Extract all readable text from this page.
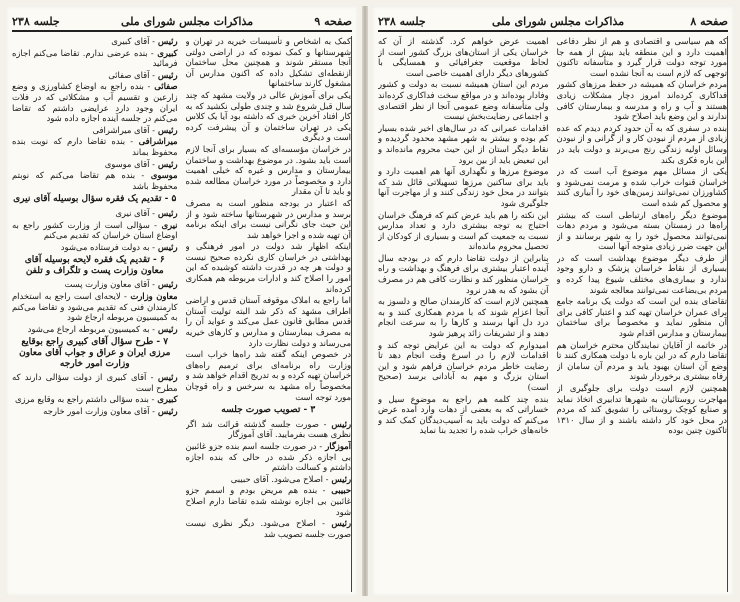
صفحه ۹
مذاکرات مجلس شورای ملی
جلسه ۲۳۸

کمک به اشخاص و تأسیسات خیریه در تهران و شهرستانها و کمک نموده که در اراضی دولتی آنجا مستقر شوند و همچنین محل ساختمان ازنقطه‌ای تشکیل داده که اکنون مدارس آن مشغول کارند ساختمانها

یکی برای آموزش عالی در ولایت مشهد که چند سال قبل شروع شد و چندی طولی نکشید که به کار افتاد آخرین خبری که داشته بود آیا یک کلاس یکی در تهران ساختمان و آن پیشرفت کرده است و دیگری

در خراسان مؤسسه‌ای که بسیار برای آنجا لازم است باید بشود. در موضوع بهداشت و ساختمان بیمارستان و مدارس و غیره که خیلی اهمیت دارد و مخصوصاً در مورد خراسان مطالعه شده و باید تا آن مقدار

که اعتبار در بودجه منظور است به مصرف برسد و مدارس در شهرستانها ساخته شود و از این حیث جای نگرانی نیست برای اینکه برنامه آن تهیه شده و اجرا خواهد شد

اینکه اظهار شد دولت در امور فرهنگی و بهداشتی در خراسان کاری نکرده صحیح نیست و دولت هر چه در قدرت داشته کوشیده که این امور را اصلاح کند و ادارات مربوطه هم همکاری کرده‌اند

اما راجع به املاک موقوفه آستان قدس و اراضی اطراف مشهد که ذکر شد البته تولیت آستان قدس مطابق قانون عمل می‌کند و عواید آن را به مصرف بیمارستان و مدارس و کارهای خیریه می‌رساند و دولت نظارت دارد

در خصوص اینکه گفته شد راه‌ها خراب است وزارت راه برنامه‌ای برای ترمیم راه‌های خراسان تهیه کرده و به تدریج اقدام خواهد شد و مخصوصاً راه مشهد به سرخس و راه قوچان مورد توجه است

۳ - تصویب صورت جلسه

رئیس - صورت جلسه گذشته قرائت شد اگر نظری هست بفرمایید. آقای آموزگار

آموزگار - در صورت جلسه اسم بنده جزو غائبین بی اجازه ذکر شده در حالی که بنده اجازه داشتم و کسالت داشتم

رئیس - اصلاح می‌شود. آقای حبیبی

حبیبی - بنده هم مریض بودم و اسمم جزو غائبین بی اجازه نوشته شده تقاضا دارم اصلاح شود

رئیس - اصلاح می‌شود. دیگر نظری نیست صورت جلسه تصویب شد

رئیس - آقای کبیری

کبیری - بنده عرضی ندارم. تقاضا می‌کنم اجازه فرمائید

رئیس - آقای صفائی

صفائی - بنده راجع به اوضاع کشاورزی و وضع زارعین و تقسیم آب و مشکلاتی که در فلات ایران وجود دارد عرایضی داشتم که تقاضا می‌کنم در جلسه آینده اجازه داده شود

رئیس - آقای میراشرافی

میراشرافی - بنده تقاضا دارم که نوبت بنده محفوظ بماند

رئیس - آقای موسوی

موسوی - بنده هم تقاضا می‌کنم که نوبتم محفوظ باشد

۵ - تقدیم یک فقره سؤال بوسیله آقای نیری

رئیس - آقای نیری

نیری - سؤالی است از وزارت کشور راجع به اوضاع استان خراسان که تقدیم می‌کنم

رئیس - به دولت فرستاده می‌شود

۶ - تقدیم یک فقره لایحه بوسیله آقای معاون وزارت پست و تلگراف و تلفن

رئیس - آقای معاون وزارت پست

معاون وزارت - لایحه‌ای است راجع به استخدام کارمندان فنی که تقدیم می‌شود و تقاضا می‌کنم به کمیسیون مربوطه ارجاع شود

رئیس - به کمیسیون مربوطه ارجاع می‌شود

۷ - طرح سؤال آقای کبیری راجع بوقایع مرزی ایران و عراق و جواب آقای معاون وزارت امور خارجه

رئیس - آقای کبیری از دولت سؤالی دارند که مطرح است

کبیری - بنده سؤالی داشتم راجع به وقایع مرزی

رئیس - آقای معاون وزارت امور خارجه

صفحه ۸
مذاکرات مجلس شورای ملی
جلسه ۲۳۸

که هم سیاسی و اقتصادی و هم از نظر دفاعی اهمیت دارد و این منطقه باید بیش از همه جا مورد توجه دولت قرار گیرد و متأسفانه تاکنون توجهی که لازم است به آنجا نشده است

مردم خراسان که همیشه در حفظ مرزهای کشور فداکاری کرده‌اند امروز دچار مشکلات زیادی هستند و آب و راه و مدرسه و بیمارستان کافی ندارند و این وضع باید اصلاح شود

بنده در سفری که به آن حدود کردم دیدم که عده زیادی از مردم از نبودن کار و از گرانی و از نبودن وسائل اولیه زندگی رنج می‌برند و دولت باید در این باره فکری بکند

یکی از مسائل مهم موضوع آب است که در خراسان قنوات خراب شده و مرمت نمی‌شود و کشاورزان نمی‌توانند زمین‌های خود را آبیاری کنند و محصول کم شده است

موضوع دیگر راه‌های ارتباطی است که بیشتر راه‌ها در زمستان بسته می‌شود و مردم دهات نمی‌توانند محصول خود را به شهر برسانند و از این جهت ضرر زیادی متوجه آنها است

از طرف دیگر موضوع بهداشت است که در بسیاری از نقاط خراسان پزشک و دارو وجود ندارد و بیماری‌های مختلف شیوع پیدا کرده و مردم بی‌بضاعت نمی‌توانند معالجه شوند

تقاضای بنده این است که دولت یک برنامه جامع برای عمران خراسان تهیه کند و اعتبار کافی برای آن منظور نماید و مخصوصاً برای ساختمان بیمارستان و مدارس اقدام شود

در خاتمه از آقایان نمایندگان محترم خراسان هم تقاضا دارم که در این باره با دولت همکاری کنند تا وضع آن استان بهبود یابد و مردم آن سامان از رفاه بیشتری برخوردار شوند

همچنین لازم است دولت برای جلوگیری از مهاجرت روستائیان به شهرها تدابیری اتخاذ نماید و صنایع کوچک روستائی را تشویق کند که مردم در محل خود کار داشته باشند و از سال ۱۳۱۰ تاکنون چنین بوده

اهمیت عرض خواهم کرد. گذشته از آن که خراسان یکی از استان‌های بزرگ کشور است از لحاظ موقعیت جغرافیائی و همسایگی با کشورهای دیگر دارای اهمیت خاصی است

مردم این استان همیشه نسبت به دولت و کشور وفادار بوده‌اند و در مواقع سخت فداکاری کرده‌اند ولی متأسفانه وضع عمومی آنجا از نظر اقتصادی و اجتماعی رضایت‌بخش نیست

اقدامات عمرانی که در سال‌های اخیر شده بسیار کم بوده و بیشتر به شهر مشهد محدود گردیده و نقاط دیگر استان از این حیث محروم مانده‌اند و این تبعیض باید از بین برود

موضوع مرزها و نگهداری آنها هم اهمیت دارد و باید برای ساکنین مرزها تسهیلاتی قائل شد که بتوانند در محل خود زندگی کنند و از مهاجرت آنها جلوگیری شود

این نکته را هم باید عرض کنم که فرهنگ خراسان احتیاج به توجه بیشتری دارد و تعداد مدارس نسبت به جمعیت کم است و بسیاری از کودکان از تحصیل محروم مانده‌اند

بنابراین از دولت تقاضا دارم که در بودجه سال آینده اعتبار بیشتری برای فرهنگ و بهداشت و راه خراسان منظور کند و نظارت کافی هم در مصرف آن بشود که به هدر نرود

همچنین لازم است که کارمندان صالح و دلسوز به آنجا اعزام شوند که با مردم همکاری کنند و به درد دل آنها برسند و کارها را به سرعت انجام دهند و از تشریفات زائد پرهیز شود

امیدوارم که دولت به این عرایض توجه کند و اقدامات لازم را در اسرع وقت انجام دهد تا رضایت خاطر مردم خراسان فراهم شود و این استان بزرگ و مهم به آبادانی برسد (صحیح است)

بنده چند کلمه هم راجع به موضوع سیل و خساراتی که به بعضی از دهات وارد آمده عرض می‌کنم که دولت باید به آسیب‌دیدگان کمک کند و خانه‌های خراب شده را تجدید بنا نماید
